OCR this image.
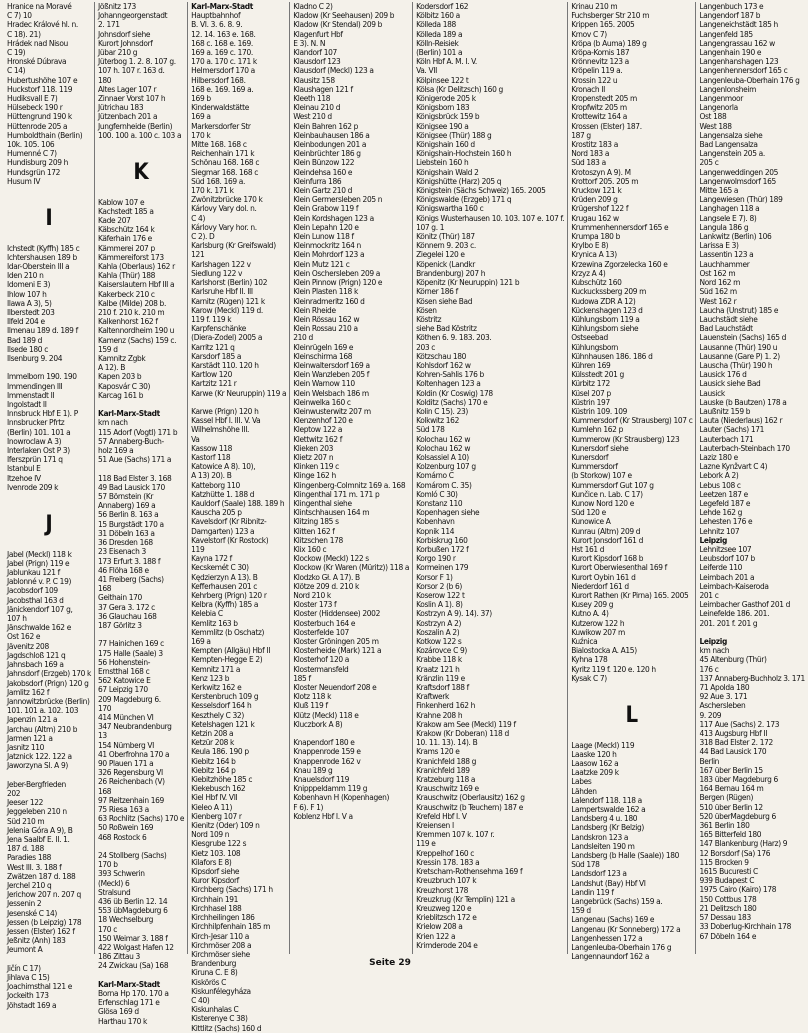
Hranice na Moravé
C 7) 10
Hradec Králové hl. n.
C 18). 21)
Hrádek nad Nisou
C 19)
Hronské Dúbrava
C 14)
Hubertushöhe 107 e
Huckstorf 118. 119
Hudiksvall E 7)
Hülsebeck 190 r
Hüttengrund 190 k
Hüttenrode 205 a
Humboldthain (Berlin)
10k. 105. 106
Humenné C 7)
Hundisburg 209 h
Hundsgrün 172
Husum IV
I
Ichstedt (Kyffh) 185 c
Ichtershausen 189 b
Idar-Oberstein III a
Iden 210 n
Idomeni E 3)
Ihlow 107 h
Ilawa A 3), 5)
Ilberstedt 203
Ilfeld 204 e
Ilmenau 189 d. 189 f
Bad 189 d
Ilsede 180 c
Ilsenburg 9. 204
Immelborn 190. 190
Immendingen III
Immenstadt II
Ingolstadt II
Innsbruck Hbf E 1). P
Innsbrucker Pfrtz
(Berlin) 101. 101 a
Inowroclaw A 3)
Interlaken Ost P 3)
Iferszprün 171 q
Istanbul E
Itzehoe IV
Ivenrode 209 k
J
Jabel (Meckl) 118 k
Jabel (Prign) 119 e
Jablunkau 121 f
Jablonné v. P. C 19)
Jacobsdorf 109
Jacobsthal 163 d
Jänickendorf 107 g,
107 h
Jänschwalde 162 e
Ost 162 e
Jävenitz 208
Jagdschloß 121 q
Jahnsbach 169 a
Jahnsdorf (Erzgeb) 170 k
Jakobsdorf (Prign) 120 g
Jamlitz 162 f
Jannowitzbrücke (Berlin)
101. 101 a. 102. 103
Japenzin 121 a
Jarchau (Altm) 210 b
Jarmen 121 a
Jasnitz 110
Jatznick 122. 122 a
Jaworzyna Sl. A 9)
Jeber-Bergfrieden
202
Jeeser 122
Jeggeleben 210 n
Süd 210 m
Jelenia Góra A 9), B
Jena Saalbf E. II. 1.
187 d. 188
Paradies 188
West III. 3. 188 f
Zwätzen 187 d. 188
Jerchel 210 q
Jerichow 207 n. 207 q
Jessenin 2
Jesenské C 14)
Jessen (b Leipzig) 178
Jessen (Elster) 162 f
Jeßnitz (Anh) 183
Jeumont A
Jičín C 17)
Jihlava C 15)
Joachimsthal 121 e
Jockeith 173
Jöhstadt 169 a
Jößnitz 173
Johanngeorgenstadt
2. 171
Johnsdorf siehe
Kurort Johnsdorf
Jübar 210 g
Jüterbog 1. 2. 8. 107 g.
107 h. 107 r. 163 d.
180
Altes Lager 107 r
Zinnaer Vorst 107 h
Jütrichau 183
Jützenbach 201 a
Jungfernheide (Berlin)
100. 100 a. 100 c. 103 a
K
Kablow 107 e
Kachstedt 185 a
Kade 207
Käbschütz 164 k
Käferhain 176 e
Kämmerei 207 p
Kämmereiforst 173
Kahla (Oberlaus) 162 r
Kahla (Thür) 188
Kaiserslautern Hbf III a
Kakerbeck 210 c
Kalbe (Milde) 208 b.
210 f. 210 k. 210 m
Kalkenhorst 162 f
Kaltennordheim 190 u
Kamenz (Sachs) 159 c.
159 d
Kamnitz Zgbk
A 12). B
Kapen 203 b
Kaposvár C 30)
Karcag 161 b
Karl-Marx-Stadt
km nach
115 Adorf (Vogtl) 171 b
57 Annaberg-Buch-
holz 169 a
51 Aue (Sachs) 171 a
118 Bad Elster 3. 168
49 Bad Lausick 170
57 Börnstein (Kr
Annaberg) 169 a
56 Berlin 8. 163 a
15 Burgstädt 170 a
31 Döbeln 163 a
36 Dresden 168
23 Eisenach 3
173 Erfurt 3. 188 f
46 Flöha 168 e
41 Freiberg (Sachs)
168
Geithain 170
37 Gera 3. 172 c
36 Glauchau 168
187 Görlitz 3
77 Hainichen 169 c
175 Halle (Saale) 3
56 Hohenstein-
Ernstthal 168 c
562 Katowice E
67 Leipzig 170
209 Magdeburg 6.
170
414 München VI
347 Neubrandenburg
13
154 Nürnberg VI
41 Oberfrohna 170 a
90 Plauen 171 a
326 Regensburg VI
26 Reichenbach (V)
168
97 Reitzenhain 169
75 Riesa 163 a
63 Rochlitz (Sachs) 170 e
50 Roßwein 169
468 Rostock 6
24 Stollberg (Sachs)
170 b
393 Schwerin
(Meckl) 6
Stralsund
436 üb Berlin 12. 14
553 übMagdeburg 6
18 Wechselburg
170 c
150 Weimar 3. 188 f
422 Wolgast Hafen 12
186 Zittau 3
24 Zwickau (Sa) 168
Karl-Marx-Stadt
Borna Hp 170. 170 a
Erfenschlag 171 e
Glösa 169 d
Harthau 170 k
Karl-Marx-Stadt
Hauptbahnhof
B. VI. 3. 6. 8. 9.
12. 14. 163 e. 168.
168 c. 168 e. 169.
169 a. 169 c. 170.
170 a. 170 c. 171 k
Helmersdorf 170 a
Hilbersdorf 168.
168 e. 169. 169 a.
169 b
Kinderwaldstätte
169 a
Markersdorfer Str
170 k
Mitte 168. 168 c
Reichenhain 171 k
Schönau 168. 168 c
Siegmar 168. 168 c
Süd 168. 169 a.
170 k. 171 k
Zwönitzbrücke 170 k
Kárlovy Vary dol. n.
C 4)
Kárlovy Vary hor. n.
C 2). D
Karlsburg (Kr Greifswald)
121
Karlshagen 122 v
Siedlung 122 v
Karlshorst (Berlin) 102
Karlsruhe Hbf II. III
Karnitz (Rügen) 121 k
Karow (Meckl) 119 d.
119 f. 119 k
Karpfenschänke
(Diera-Zodel) 2005 a
Karritz 121 q
Karsdorf 185 a
Karstädt 110. 120 h
Kartlow 120
Kartzitz 121 r
Karwe (Kr Neuruppin) 119 a
Karwe (Prign) 120 h
Kassel Hbf I. III. V. Va
Wilhelmshöhe III.
Va
Kassow 118
Kastorf 118
Katowice A 8). 10),
A 13) 20). B
Katteborg 110
Katzhütte 1. 188 d
Kauldorf (Saale) 188. 189 h
Kauscha 205 p
Kavelsdorf (Kr Ribnitz-
Damgarten) 123 a
Kavelstorf (Kr Rostock)
119
Kayna 172 f
Kecskemét C 30)
Kędzierzyn A 13). B
Kefferhausen 201 c
Kehrberg (Prign) 120 r
Kelbra (Kyffh) 185 a
Kelebia C
Kemlitz 163 b
Kemmlitz (b Oschatz)
169 a
Kempten (Allgäu) Hbf II
Kempten-Hegge E 2)
Kemnitz 171 a
Kenz 123 b
Kerkwitz 162 e
Kerstenbruch 109 g
Kesselsdorf 164 h
Keszthely C 32)
Ketelshagen 121 k
Ketzin 208 a
Ketzür 208 k
Keula 186. 190 p
Kiebitz 164 b
Kiebitz 164 p
Kiebitzhöhe 185 c
Kiekebusch 162
Kiel Hbf IV. VII
Kieleo A 11)
Kienberg 107 r
Kienitz (Oder) 109 n
Nord 109 n
Kiesgrube 122 s
Kietz 103. 108
Kilafors E 8)
Kipsdorf siehe
Kuror Kipsdorf
Kirchberg (Sachs) 171 h
Kirchhain 191
Kirchhasel 188
Kirchheilingen 186
Kirchhilpfenhain 185 m
Kirch-Jesar 110 a
Kirchmöser 208 a
Kirchmöser siehe
Brandenburg
Kiruna C. E 8)
Kiskörös C
Kiskunfélegyháza
C 40)
Kiskunhalas C
Kisterenye C 38)
Kittlitz (Sachs) 160 d
Kladno C 2)
Kladow (Kr Seehausen) 209 b
Kladow (Kr Stendal) 209 b
Klagenfurt Hbf
E 3). N. N
Klandorf 107
Klausdorf 123
Klausdorf (Meckl) 123 a
Klausitz 158
Klaushagen 121 f
Kleeth 118
Kleinau 210 d
West 210 d
Klein Bahren 162 p
Kleinbauhausen 186 a
Kleinbodungen 201 a
Kleinbrüchter 186 g
Klein Bünzow 122
Kleindehsa 160 e
Kleinfurra 186
Klein Gartz 210 d
Klein Germersleben 205 n
Klein Grabow 119 f
Klein Kordshagen 123 a
Klein Lepahn 120 e
Klein Lunow 118 f
Kleinmockritz 164 n
Klein Mohrdorf 123 a
Klein Mutz 121 c
Klein Oschersleben 209 a
Klein Pinnow (Prign) 120 e
Klein Plasten 118 k
Kleinradmeritz 160 d
Klein Rheide
Klein Rössau 162 w
Klein Rossau 210 a
210 d
Kleinrügeln 169 e
Kleinschirma 168
Kleinwaltersdorf 169 a
Klein Wanzleben 205 f
Klein Warnow 110
Klein Welsbach 186 m
Kleinwelka 160 c
Kleinwusterwitz 207 m
Klenzenhof 120 e
Kleptow 122 a
Klettwitz 162 f
Klieken 203
Klietz 207 n
Klinken 119 c
Klinge 162 h
Klingenberg-Colmnitz 169 a. 168
Klingenthal 171 m. 171 p
Klingenthal siehe
Klintschhausen 164 m
Klitzing 185 s
Klitten 162 f
Klitzschen 178
Klix 160 c
Klockow (Meckl) 122 s
Klockow (Kr Waren (Müritz)) 118 a
Klodzko Gł. A 17). B
Klötze 209 d. 210 k
Nord 210 k
Kloster 173 f
Kloster (Hiddensee) 2002
Klosterbuch 164 e
Klosterfelde 107
Kloster Gröningen 205 m
Klosterheide (Mark) 121 a
Klosterhof 120 a
Klostermansfeld
185 f
Kloster Neuendorf 208 e
Klotz 118 k
Kluß 119 f
Klütz (Meckl) 118 e
Kluczbork A 8)
Knapendorf 180 e
Knappenrode 159 e
Knappenrode 162 v
Knau 189 g
Knauelsdorf 119
Knipppeldamm 119 g
Kobenhavn H (Kopenhagen)
F 6). F 1)
Koblenz Hbf I. V a
Kodersdorf 162
Kölbitz 160 a
Kölleda 188
Kölleda 189 a
Kölln-Reisiek
(Berlin) 101 a
Köln Hbf A. M. I. V.
Va. VII
Kölpinsee 122 t
Kölsa (Kr Delitzsch) 160 g
Königerode 205 k
Königsborn 183
Königsbrück 159 b
Königsee 190 a
Königsee (Thür) 188 g
Königshain 160 d
Königshain-Hochstein 160 h
Liebstein 160 h
Königshain Wald 2
Königshütte (Harz) 205 q
Königstein (Sächs Schweiz) 165. 2005
Königswalde (Erzgeb) 171 q
Königswartha 160 c
Königs Wusterhausen 10. 103. 107 e. 107 f.
107 g. 1
Könitz (Thür) 187
Könnern 9. 203 c.
Ziegelei 120 e
Köpenick (Landkr
Brandenburg) 207 h
Köpenitz (Kr Neuruppin) 121 b
Körner 186 f
Kösen siehe Bad
Kösen
Köstritz
siehe Bad Köstritz
Köthen 6. 9. 183. 203.
203 c
Kötzschau 180
Kohlsdorf 162 w
Kohren-Sahlis 176 b
Koltenhagen 123 a
Koldin (Kr Coswig) 178
Kolditz (Sachs) 170 e
Kolin C 15). 23)
Kolkwitz 162
Süd 178
Kolochau 162 w
Kolochau 162 w
Kolsassiel A 10)
Kolzenburg 107 g
Komárno C
Komárom C. 35)
Komló C 30)
Konstanz 110
Kopenhagen siehe
Kobenhavn
Kopnik 114
Korbiskrug 160
Korbußen 172 f
Korgo 190 r
Kormeinen 179
Korsor F 1)
Korsor 2 (b 6)
Koserow 122 t
Koslin A 1). 8)
Kostrzyn A 9). 14). 37)
Kostrzyn A 2)
Koszalin A 2)
Kotkow 122 s
Kozárovce C 9)
Krabbe 118 k
Kraatz 121 h
Kränzlin 119 e
Kraftsdorf 188 f
Kraftwerk
Finkenherd 162 h
Krahne 208 h
Krakow am See (Meckl) 119 f
Krakow (Kr Doberan) 118 d
10. 11. 13). 14). B
Krams 120 e
Kranichfeld 188 g
Kranichfeld 189
Kratzeburg 118 a
Krauschwitz 169 e
Krauschwitz (Oberlausitz) 162 g
Krauschwitz (b Teuchern) 187 e
Krefeld Hbf I. V
Kreiensen I
Kremmen 107 k. 107 r.
119 e
Kreppelhof 160 c
Kressin 178. 183 a
Kretscham-Rothensehma 169 f
Kreuzbruch 107 k
Kreuzhorst 178
Kreuzkrug (Kr Templin) 121 a
Kreuzweg 120 e
Krieblitzsch 172 e
Krielow 208 a
Krien 122 a
Krimderode 204 e
Krinau 210 m
Fuchsberger Str 210 m
Krippen 165. 2005
Krnov C 7)
Kröpa (b Auma) 189 g
Kröpa-Kornis 187
Krönnevitz 123 a
Kröpelin 119 a.
Krossin 122 u
Kronach II
Kropenstedt 205 m
Kropfwitz 205 m
Krottewitz 164 a
Krossen (Elster) 187.
187 g
Krostitz 183 a
Nord 183 a
Süd 183 a
Krotoszyn A 9). M
Krottorf 205. 205 m
Kruckow 121 k
Krüden 209 g
Krügershof 122 f
Krugau 162 w
Krummenhennersdorf 165 e
Krumpa 180 b
Krylbo E 8)
Krynica A 13)
Krzewina Zgorzelecka 160 e
Krzyz A 4)
Kubschütz 160
Kuckuckssberg 209 m
Kudowa ZDR A 12)
Kückenshagen 123 d
Kühlungsborn 119 a
Kühlungsborn siehe
Ostseebad
Kühlungsborn
Kühnhausen 186. 186 d
Kühren 169
Külsstedt 201 g
Kürbitz 172
Küsel 207 p
Küstrin 197
Küstrin 109. 109
Kummersdorf (Kr Strausberg) 107 c
Kumlehn 162 p
Kummerow (Kr Strausberg) 123
Kunersdorf siehe
Kunersdorf
Kummersdorf
(b Storkow) 107 e
Kummersdorf Gut 107 g
Kunčice n. Lab. C 17)
Kunow Nord 120 e
Süd 120 e
Kunowice A
Kunrau (Altm) 209 d
Kurort Jonsdorf 161 d
Hst 161 d
Kurort Kipsdorf 168 b
Kurort Oberwiesenthal 169 f
Kurort Oybin 161 d
Niederdorf 161 d
Kurort Rathen (Kr Pirna) 165. 2005
Kusey 209 g
Kutno A. 4)
Kutzerow 122 h
Kuwikow 207 m
Kuźnica
Bialostocka A. A15)
Kyhna 178
Kyritz 119 f. 120 e. 120 h
Kysak C 7)
L
Laage (Meckl) 119
Laaske 120 h
Laasow 162 a
Laatzke 209 k
Labes
Lähden
Lalendorf 118. 118 a
Lampertswalde 162 a
Landsberg 4 u. 180
Landsberg (Kr Belzig)
Landskron 123 a
Landsleiten 190 m
Landsberg (b Halle (Saale)) 180
Süd 178
Landsdorf 123 a
Landshut (Bay) Hbf VI
Landin 119 f
Langebrück (Sachs) 159 a.
159 d
Langenau (Sachs) 169 e
Langenau (Kr Sonneberg) 172 a
Langenhessen 172 a
Langenleuba-Oberhain 176 g
Langennaundorf 162 a
Langenbuch 173 e
Langendorf 187 b
Langeneichstädt 185 h
Langenfeld 185
Langengrassau 162 w
Langenhain 190 e
Langenhanshagen 123
Langenhennersdorf 165 c
Langenleuba-Oberhain 176 g
Langenlonsheim
Langenmoor
Langenorla
Ost 188
West 188
Langensalza siehe
Bad Langensalza
Langenstein 205 a.
205 c
Langenweddingen 205
Langenwolmsdorf 165
Mitte 165 a
Langewiesen (Thür) 189
Langhagen 118 a
Langsele E 7). 8)
Langula 186 g
Lankwitz (Berlin) 106
Larissa E 3)
Lassentin 123 a
Lauchhammer
Ost 162 m
Nord 162 m
Süd 162 m
West 162 r
Laucha (Unstrut) 185 e
Lauchstädt siehe
Bad Lauchstädt
Lauenstein (Sachs) 165 d
Lausanne (Thür) 190 u
Lausanne (Gare P) 1. 2)
Lauscha (Thür) 190 h
Lausick 176 d
Lausick siehe Bad
Lausick
Lauske (b Bautzen) 178 a
Laußnitz 159 b
Lauta (Niederlaus) 162 r
Lauter (Sachs) 171
Lauterbach 171
Lauterbach-Steinbach 170
Laziz 180 e
Lazne Kynžvart C 4)
Lebork A 2)
Lebus 108 c
Leetzen 187 e
Legefeld 187 e
Lehde 162 g
Lehesten 176 e
Lehnitz 107
Leipzig
Lehnitzsee 107
Leubsdorf 107 b
Leiferde 110
Leimbach 201 a
Leimbach-Kaiseroda
201 c
Leimbacher Gasthof 201 d
Leinefelde 186. 201.
201. 201 f. 201 g
Leipzig
km nach
45 Altenburg (Thür)
176 c
137 Annaberg-Buchholz 3. 171
71 Apolda 180
92 Aue 3. 171
Aschersleben
9. 209
117 Aue (Sachs) 2. 173
413 Augsburg Hbf II
318 Bad Elster 2. 172
44 Bad Lausick 170
Berlin
167 über Berlin 15
183 über Magdeburg 6
164 Bernau 164 m
Bergen (Rügen)
510 über Berlin 12
520 überMagdeburg 6
361 Berlin 180
165 Bitterfeld 180
147 Blankenburg (Harz) 9
12 Borsdorf (Sa) 176
115 Brocken 9
1615 Bucuresti C
939 Budapest C
1975 Cairo (Kairo) 178
150 Cottbus 178
21 Delitzsch 180
57 Dessau 183
33 Doberlug-Kirchhain 178
67 Döbeln 164 e
Seite 29
